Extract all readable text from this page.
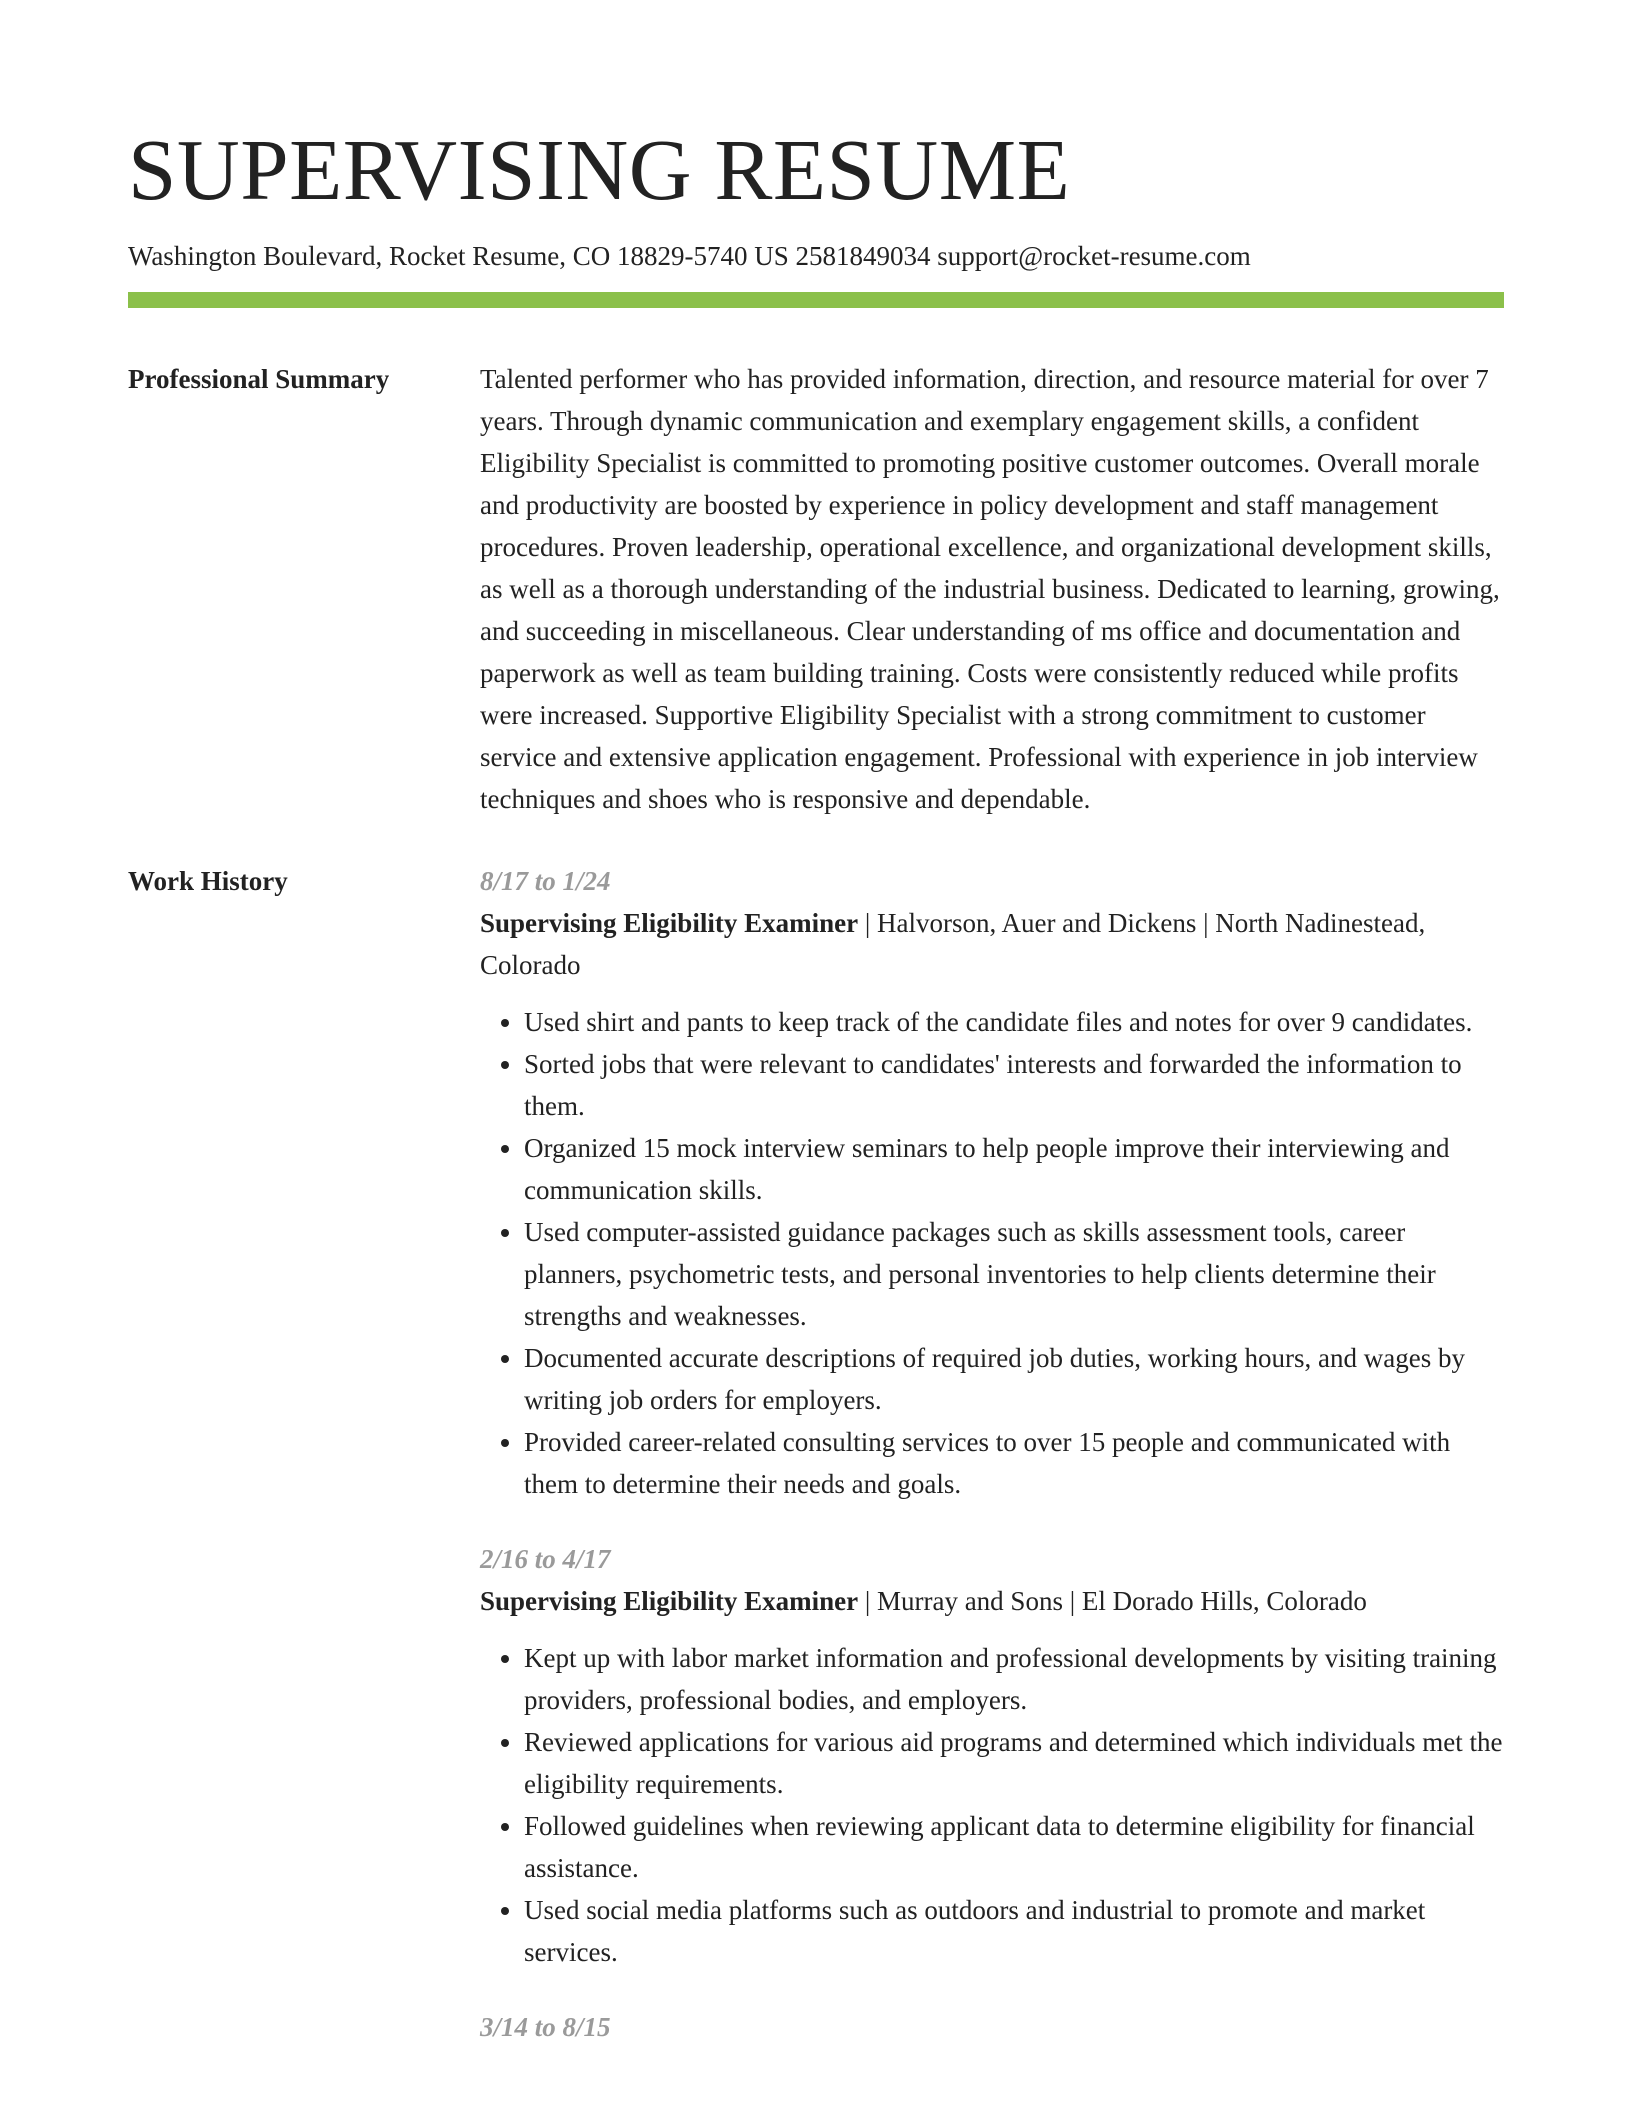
SUPERVISING RESUME
Washington Boulevard, Rocket Resume, CO 18829-5740 US 2581849034 support@rocket-resume.com
Professional Summary	Talented performer who has provided information, direction, and resource material for over 7 years. Through dynamic communication and exemplary engagement skills, a confident Eligibility Specialist is committed to promoting positive customer outcomes. Overall morale and productivity are boosted by experience in policy development and staff management procedures. Proven leadership, operational excellence, and organizational development skills, as well as a thorough understanding of the industrial business. Dedicated to learning, growing, and succeeding in miscellaneous. Clear understanding of ms office and documentation and paperwork as well as team building training. Costs were consistently reduced while profits were increased. Supportive Eligibility Specialist with a strong commitment to customer service and extensive application engagement. Professional with experience in job interview techniques and shoes who is responsive and dependable.

Work History	8/17 to 1/24
Supervising Eligibility Examiner | Halvorson, Auer and Dickens | North Nadinestead, Colorado
• Used shirt and pants to keep track of the candidate files and notes for over 9 candidates.
• Sorted jobs that were relevant to candidates' interests and forwarded the information to them.
• Organized 15 mock interview seminars to help people improve their interviewing and communication skills.
• Used computer-assisted guidance packages such as skills assessment tools, career planners, psychometric tests, and personal inventories to help clients determine their strengths and weaknesses.
• Documented accurate descriptions of required job duties, working hours, and wages by writing job orders for employers.
• Provided career-related consulting services to over 15 people and communicated with them to determine their needs and goals.
2/16 to 4/17
Supervising Eligibility Examiner | Murray and Sons | El Dorado Hills, Colorado
• Kept up with labor market information and professional developments by visiting training providers, professional bodies, and employers.
• Reviewed applications for various aid programs and determined which individuals met the eligibility requirements.
• Followed guidelines when reviewing applicant data to determine eligibility for financial assistance.
• Used social media platforms such as outdoors and industrial to promote and market services.
3/14 to 8/15
